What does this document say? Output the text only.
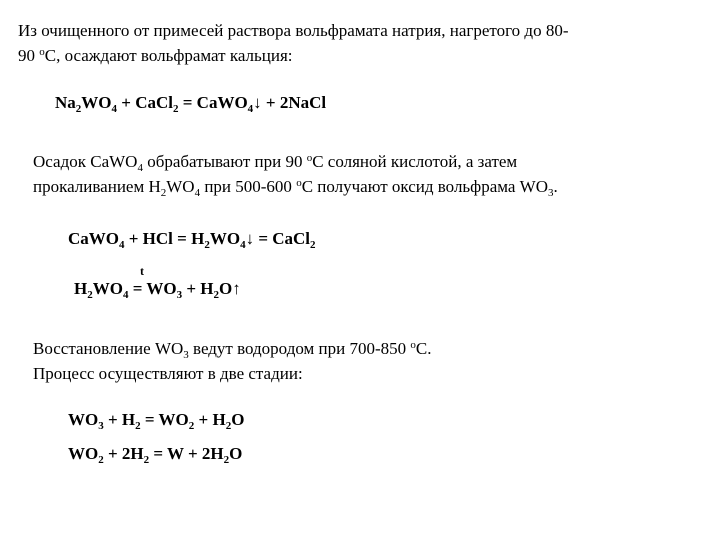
Из очищенного от примесей раствора вольфрамата натрия, нагретого до 80-
90 $^о$С, осаждают вольфрамат кальция:
$Na_2WO_4$ + CaCl$_2$ = CaWO$_4$↓ + 2NaCl
Осадок CaWO$_4$ обрабатывают при 90 $^о$С соляной кислотой, а затем
прокаливанием $H_2WO_4$ при 500-600 $^о$С получают оксид вольфрама $WO_3$.
CaWO$_4$ + HCl = $H_2WO_4↓$ = CaCl$_2$
t
$H_2WO_4 = WO_3$ + $H_2O↑$
Восстановление $WO_3$ ведут водородом при 700-850 $^о$С.
Процесс осуществляют в две стадии:
$WO_3 + H_2 = WO_2 + H_2O$
$WO_2 + 2H_2 = W + 2H_2O$
